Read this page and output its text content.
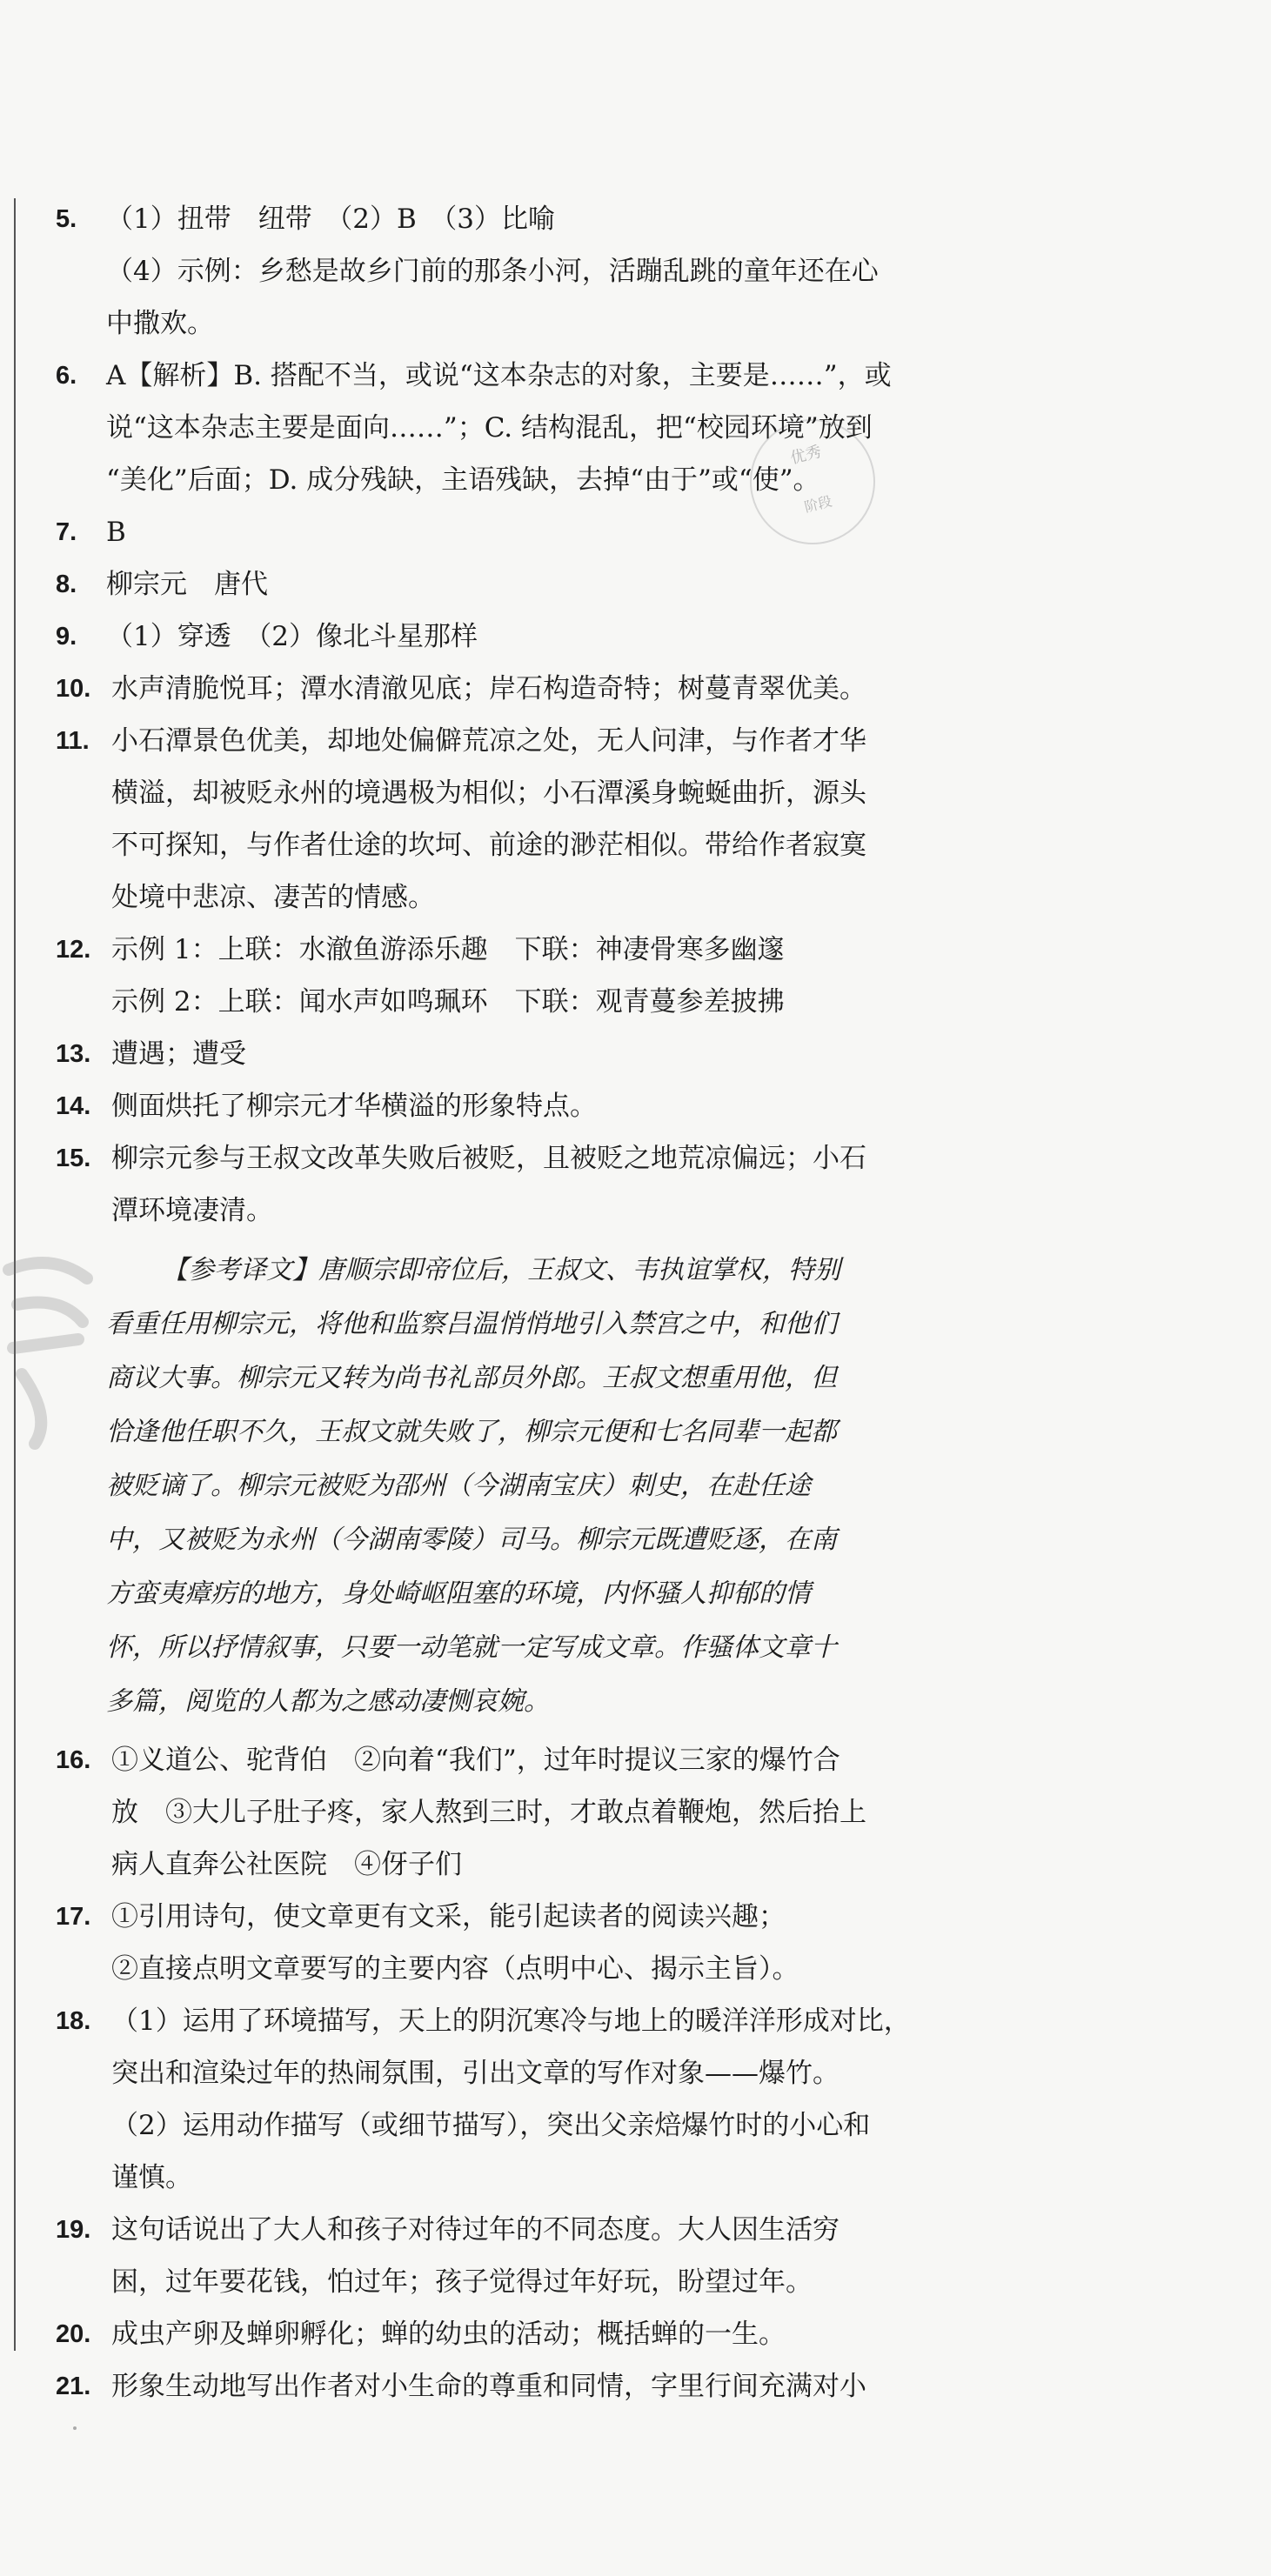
优秀
阶段
5. （1）扭带　纽带　（2）B　（3）比喻
（4）示例：乡愁是故乡门前的那条小河，活蹦乱跳的童年还在心
中撒欢。
6. A【解析】B. 搭配不当，或说“这本杂志的对象，主要是……”，或
说“这本杂志主要是面向……”；C. 结构混乱，把“校园环境”放到
“美化”后面；D. 成分残缺，主语残缺，去掉“由于”或“使”。
7. B
8. 柳宗元　唐代
9. （1）穿透　（2）像北斗星那样
10. 水声清脆悦耳；潭水清澈见底；岸石构造奇特；树蔓青翠优美。
11. 小石潭景色优美，却地处偏僻荒凉之处，无人问津，与作者才华
横溢，却被贬永州的境遇极为相似；小石潭溪身蜿蜒曲折，源头
不可探知，与作者仕途的坎坷、前途的渺茫相似。带给作者寂寞
处境中悲凉、凄苦的情感。
12. 示例 1：上联：水澈鱼游添乐趣　下联：神凄骨寒多幽邃
示例 2：上联：闻水声如鸣珮环　下联：观青蔓参差披拂
13. 遭遇；遭受
14. 侧面烘托了柳宗元才华横溢的形象特点。
15. 柳宗元参与王叔文改革失败后被贬，且被贬之地荒凉偏远；小石
潭环境凄清。
【参考译文】唐顺宗即帝位后，王叔文、韦执谊掌权，特别
看重任用柳宗元，将他和监察吕温悄悄地引入禁宫之中，和他们
商议大事。柳宗元又转为尚书礼部员外郎。王叔文想重用他，但
恰逢他任职不久，王叔文就失败了，柳宗元便和七名同辈一起都
被贬谪了。柳宗元被贬为邵州（今湖南宝庆）刺史，在赴任途
中，又被贬为永州（今湖南零陵）司马。柳宗元既遭贬逐，在南
方蛮夷瘴疠的地方，身处崎岖阻塞的环境，内怀骚人抑郁的情
怀，所以抒情叙事，只要一动笔就一定写成文章。作骚体文章十
多篇，阅览的人都为之感动凄恻哀婉。
16. ①义道公、驼背伯　②向着“我们”，过年时提议三家的爆竹合
放　③大儿子肚子疼，家人熬到三时，才敢点着鞭炮，然后抬上
病人直奔公社医院　④伢子们
17. ①引用诗句，使文章更有文采，能引起读者的阅读兴趣；
②直接点明文章要写的主要内容（点明中心、揭示主旨）。
18. （1）运用了环境描写，天上的阴沉寒冷与地上的暖洋洋形成对比，
突出和渲染过年的热闹氛围，引出文章的写作对象——爆竹。
（2）运用动作描写（或细节描写），突出父亲焙爆竹时的小心和
谨慎。
19. 这句话说出了大人和孩子对待过年的不同态度。大人因生活穷
困，过年要花钱，怕过年；孩子觉得过年好玩，盼望过年。
20. 成虫产卵及蝉卵孵化；蝉的幼虫的活动；概括蝉的一生。
21. 形象生动地写出作者对小生命的尊重和同情，字里行间充满对小
